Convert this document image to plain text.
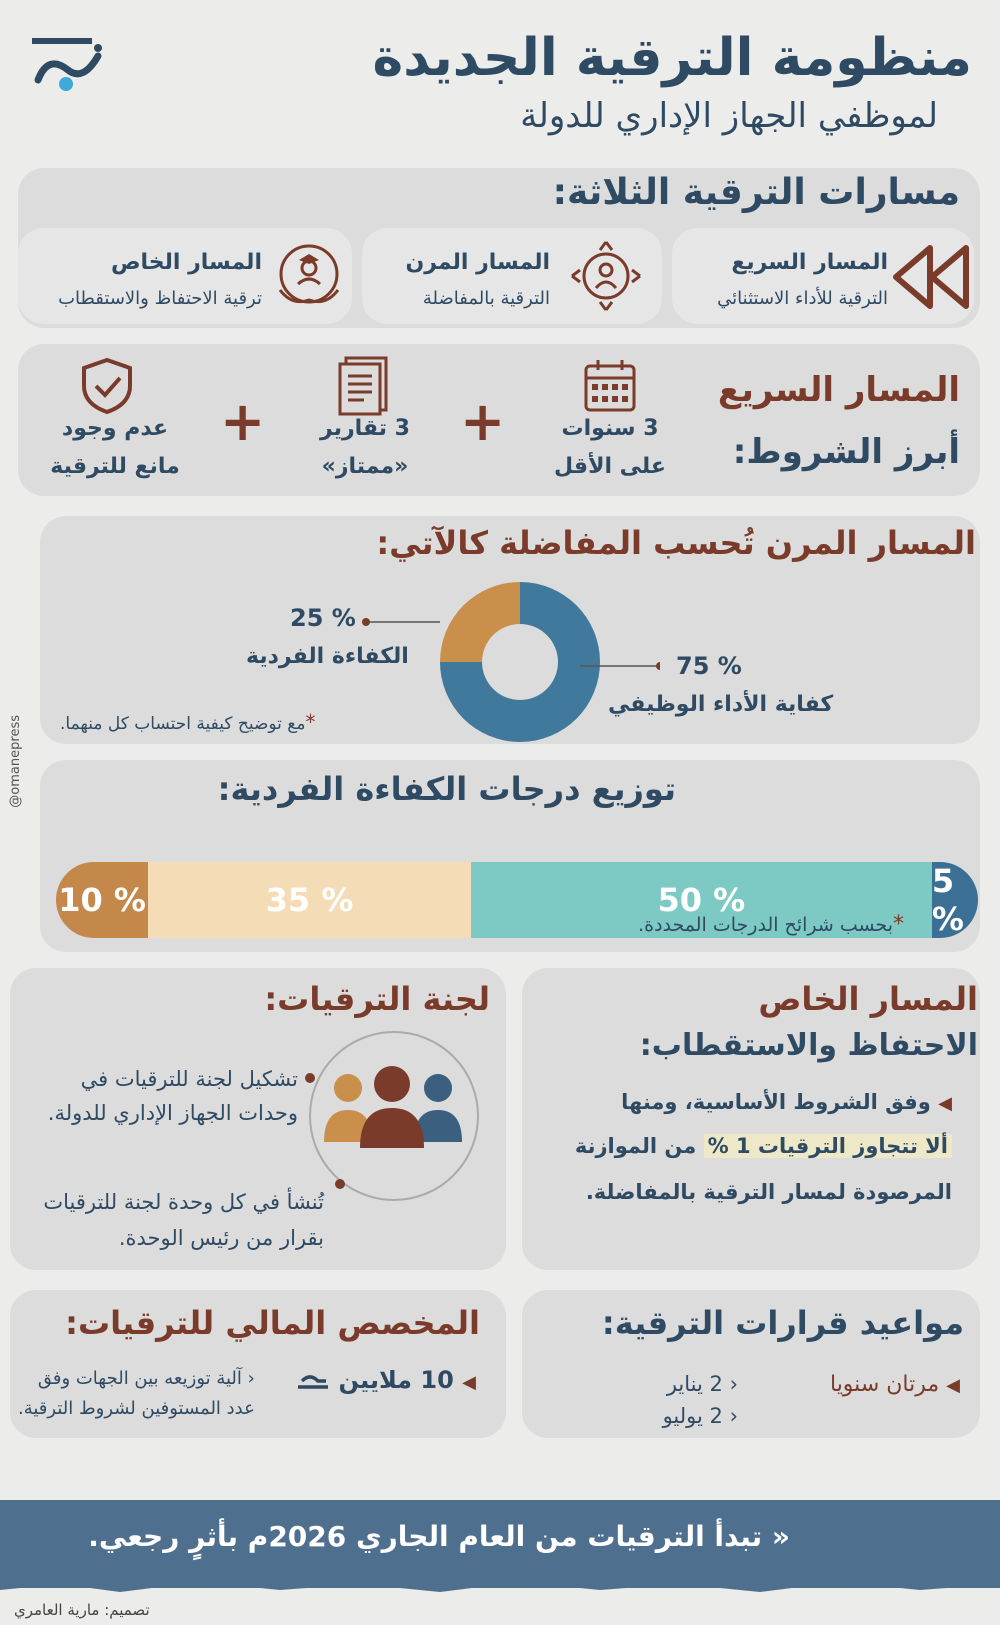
منظومة الترقية الجديدة
لموظفي الجهاز الإداري للدولة
مسارات الترقية الثلاثة:
المسار السريع
الترقية للأداء الاستثنائي
المسار المرن
الترقية بالمفاضلة
المسار الخاص
ترقية الاحتفاظ والاستقطاب
المسار السريع
أبرز الشروط:
3 سنوات
على الأقل
+
3 تقارير
«ممتاز»
+
عدم وجود
مانع للترقية
المسار المرن تُحسب المفاضلة كالآتي:
25 %
الكفاءة الفردية	75 %
كفاية الأداء الوظيفي
*مع توضيح كيفية احتساب كل منهما.
توزيع درجات الكفاءة الفردية:
10 %	35 %	50 %	5 %
*بحسب شرائح الدرجات المحددة.
المسار الخاص
الاحتفاظ والاستقطاب:
◀ وفق الشروط الأساسية، ومنها
ألا تتجاوز الترقيات 1 % من الموازنة
المرصودة لمسار الترقية بالمفاضلة.
لجنة الترقيات:
تشكيل لجنة للترقيات في
وحدات الجهاز الإداري للدولة.
تُنشأ في كل وحدة لجنة للترقيات
بقرار من رئيس الوحدة.
مواعيد قرارات الترقية:
◀ مرتان سنويا
‹ 2 يناير
‹ 2 يوليو
المخصص المالي للترقيات:
◀ 10 ملايين
‹ آلية توزيعه بين الجهات وفق
عدد المستوفين لشروط الترقية.
« تبدأ الترقيات من العام الجاري 2026م بأثرٍ رجعي.
تصميم: مارية العامري
@omanepress
